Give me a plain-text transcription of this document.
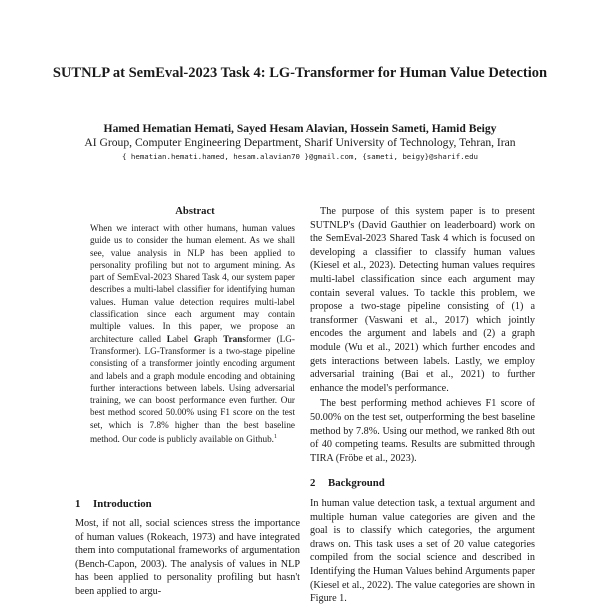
SUTNLP at SemEval-2023 Task 4: LG-Transformer for Human Value Detection
Hamed Hematian Hemati, Sayed Hesam Alavian, Hossein Sameti, Hamid Beigy
AI Group, Computer Engineering Department, Sharif University of Technology, Tehran, Iran
{ hematian.hemati.hamed, hesam.alavian70 }@gmail.com, {sameti, beigy}@sharif.edu
Abstract
When we interact with other humans, human values guide us to consider the human element. As we shall see, value analysis in NLP has been applied to personality profiling but not to argument mining. As part of SemEval-2023 Shared Task 4, our system paper describes a multi-label classifier for identifying human values. Human value detection requires multi-label classification since each argument may contain multiple values. In this paper, we propose an architecture called Label Graph Transformer (LG-Transformer). LG-Transformer is a two-stage pipeline consisting of a transformer jointly encoding argument and labels and a graph module encoding and obtaining further interactions between labels. Using adversarial training, we can boost performance even further. Our best method scored 50.00% using F1 score on the test set, which is 7.8% higher than the best baseline method. Our code is publicly available on Github.$^1$
1 Introduction

Most, if not all, social sciences stress the importance of human values (Rokeach, 1973) and have integrated them into computational frameworks of argumentation (Bench-Capon, 2003). The analysis of values in NLP has been applied to personality profiling but hasn't been applied to argu-

The purpose of this system paper is to present SUTNLP's (David Gauthier on leaderboard) work on the SemEval-2023 Shared Task 4 which is focused on developing a classifier to classify human values (Kiesel et al., 2023). Detecting human values requires multi-label classification since each argument may contain several values. To tackle this problem, we propose a two-stage pipeline consisting of (1) a transformer (Vaswani et al., 2017) which jointly encodes the argument and labels and (2) a graph module (Wu et al., 2021) which further encodes and gets interactions between labels. Lastly, we employ adversarial training (Bai et al., 2021) to further enhance the model's performance.

The best performing method achieves F1 score of 50.00% on the test set, outperforming the best baseline method by 7.8%. Using our method, we ranked 8th out of 40 competing teams. Results are submitted through TIRA (Fröbe et al., 2023).

2 Background

In human value detection task, a textual argument and multiple human value categories are given and the goal is to classify which categories, the argument draws on. This task uses a set of 20 value categories compiled from the social science and described in Identifying the Human Values behind Arguments paper (Kiesel et al., 2022). The value categories are shown in Figure 1.
